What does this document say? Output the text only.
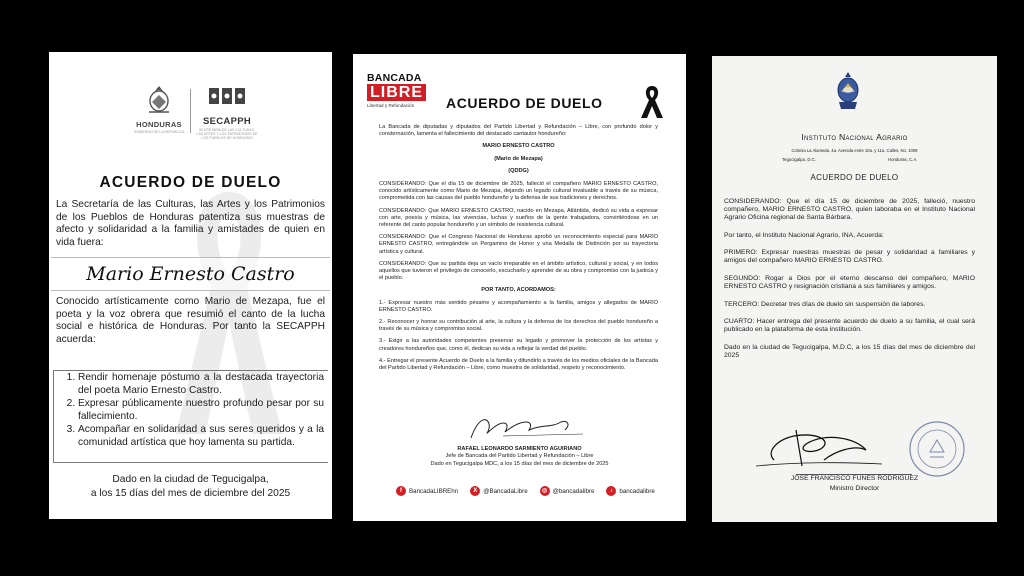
HONDURAS
GOBIERNO DE LA REPÚBLICA
SECAPPH
SECRETARÍA DE LAS CULTURAS, LAS ARTES Y LOS PATRIMONIOS DE LOS PUEBLOS DE HONDURAS
ACUERDO DE DUELO
La Secretaría de las Culturas, las Artes y los Patrimonios de los Pueblos de Honduras patentiza sus muestras de afecto y solidaridad a la familia y amistades de quien en vida fuera:
Mario Ernesto Castro
Conocido artísticamente como Mario de Mezapa, fue el poeta y la voz obrera que resumió el canto de la lucha social e histórica de Honduras. Por tanto la SECAPPH acuerda:
1. Rendir homenaje póstumo a la destacada trayectoria del poeta Mario Ernesto Castro.
2. Expresar públicamente nuestro profundo pesar por su fallecimiento.
3. Acompañar en solidaridad a sus seres queridos y a la comunidad artística que hoy lamenta su partida.
Dado en la ciudad de Tegucigalpa,
a los 15 días del mes de diciembre del 2025
BANCADA
LIBRE
Libertad y Refundación	ACUERDO DE DUELO

La Bancada de diputadas y diputados del Partido Libertad y Refundación – Libre, con profundo dolor y consternación, lamenta el fallecimiento del destacado cantautor hondureño:

MARIO ERNESTO CASTRO

(Mario de Mezapa)

(QDDG)

CONSIDERANDO: Que el día 15 de diciembre de 2025, falleció el compañero MARIO ERNESTO CASTRO, conocido artísticamente como Mario de Mezapa, dejando un legado cultural invaluable a través de su música, comprometida con las causas del pueblo hondureño y la defensa de sus tradiciones y derechos.

CONSIDERANDO: Que MARIO ERNESTO CASTRO, nacido en Mezapa, Atlántida, dedicó su vida a expresar con arte, poesía y música, las vivencias, luchas y sueños de la gente trabajadora, convirtiéndose en un referente del canto popular hondureño y un símbolo de resistencia cultural.

CONSIDERANDO: Que el Congreso Nacional de Honduras aprobó un reconocimiento especial para MARIO ERNESTO CASTRO, entregándole un Pergamino de Honor y una Medalla de Distinción por su trayectoria artística y cultural.

CONSIDERANDO: Que su partida deja un vacío irreparable en el ámbito artístico, cultural y social, y en todos aquellos que tuvieron el privilegio de conocerlo, escucharlo y aprender de su obra y compromiso con la justicia y el pueblo.

POR TANTO, ACORDAMOS:

1.- Expresar nuestro más sentido pésame y acompañamiento a la familia, amigos y allegados de MARIO ERNESTO CASTRO.

2.- Reconocer y honrar su contribución al arte, la cultura y la defensa de los derechos del pueblo hondureño a través de su música y compromiso social.

3.- Exigir a las autoridades competentes preservar su legado y promover la protección de los artistas y creadores hondureños que, como él, dedican su vida a reflejar la verdad del pueblo.

4.- Entregar el presente Acuerdo de Duelo a la familia y difundirlo a través de los medios oficiales de la Bancada del Partido Libertad y Refundación – Libre, como muestra de solidaridad, respeto y reconocimiento.

RAFAEL LEONARDO SARMIENTO AGUIRIANO
Jefe de Bancada del Partido Libertad y Refundación – Libre
Dado en Tegucigalpa MDC, a los 15 días del mes de diciembre de 2025
f	BancadaLIBREhn	X @BancadaLibre	◎ @bancadalibre	♪	bancadalibre
Instituto Nacional Agrario
Colonia La Alameda, 4a. Avenida entre 10a. y 11a. Calles, No. 1009
Tegucigalpa, D.C.	Honduras, C.A.
ACUERDO DE DUELO

CONSIDERANDO: Que el día 15 de diciembre de 2025, falleció, nuestro compañero, MARIO ERNESTO CASTRO, quien laboraba en el Instituto Nacional Agrario Oficina regional de Santa Bárbara.

Por tanto, el Instituto Nacional Agrario, INA, Acuerda:

PRIMERO: Expresar nuestras muestras de pesar y solidaridad a familiares y amigos del compañero MARIO ERNESTO CASTRO.

SEGUNDO: Rogar a Dios por el eterno descanso del compañero, MARIO ERNESTO CASTRO y resignación cristiana a sus familiares y amigos.

TERCERO: Decretar tres días de duelo sin suspensión de labores.

CUARTO: Hacer entrega del presente acuerdo de duelo a su familia, el cual será publicado en la plataforma de esta institución.

Dado en la ciudad de Tegucigalpa, M.D.C, a los 15 días del mes de diciembre del 2025

JOSE FRANCISCO FUNES RODRIGUEZ
Ministro Director
